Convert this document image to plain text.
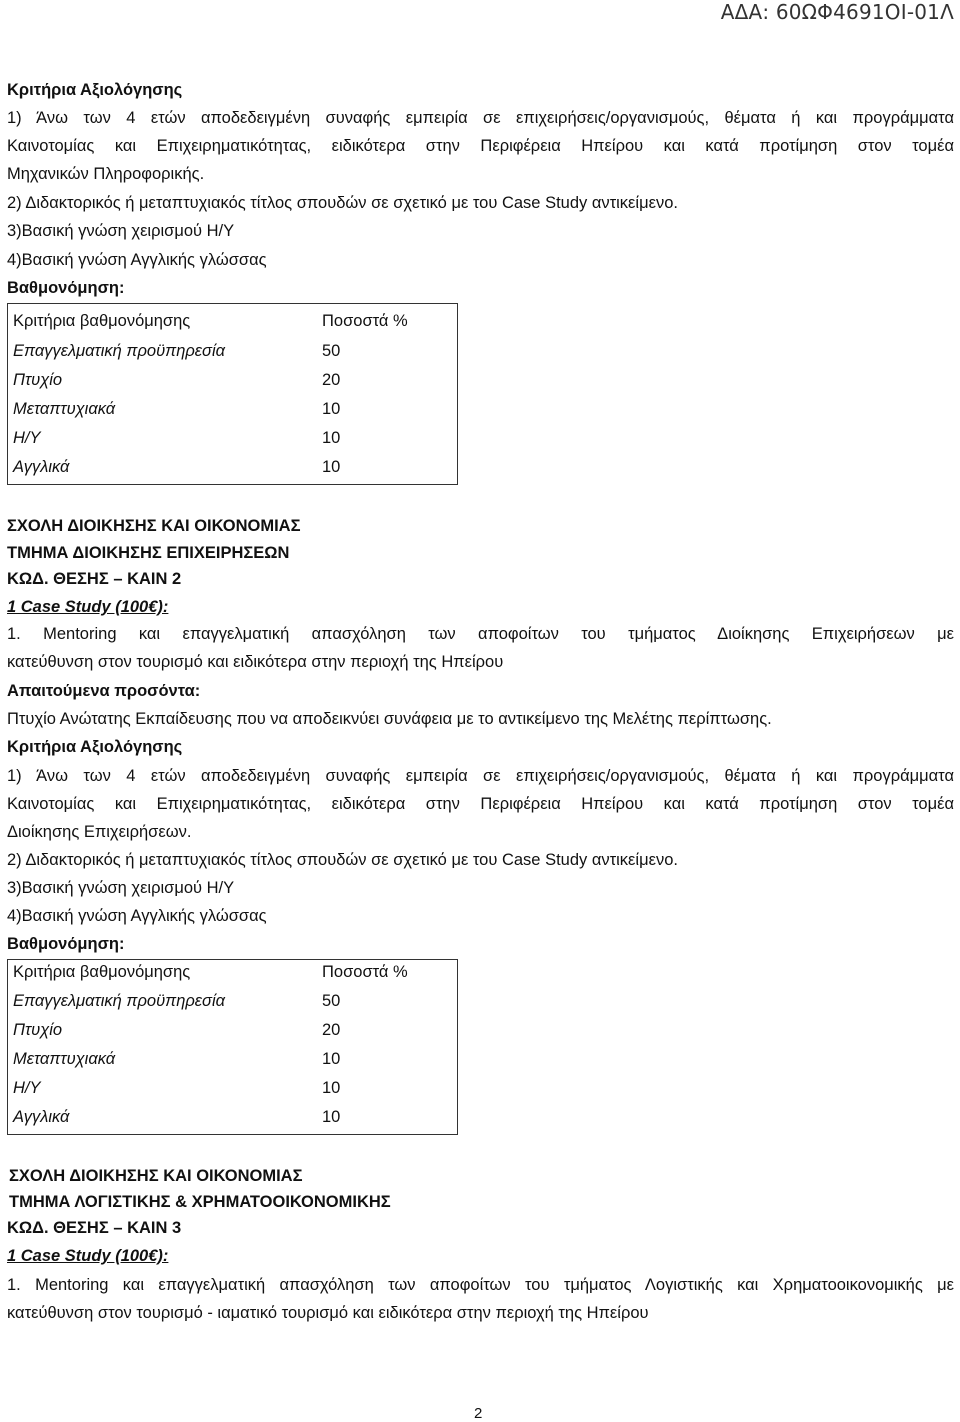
ΑΔΑ: 60ΩΦ4691ΟΙ-01Λ
Κριτήρια Αξιολόγησης
1) Άνω των 4 ετών αποδεδειγμένη συναφής εμπειρία σε επιχειρήσεις/οργανισμούς, θέματα ή και προγράμματα
Καινοτομίας και Επιχειρηματικότητας, ειδικότερα στην Περιφέρεια Ηπείρου και κατά προτίμηση στον τομέα
Μηχανικών Πληροφορικής.
2) Διδακτορικός ή μεταπτυχιακός τίτλος σπουδών σε σχετικό με του Case Study αντικείμενο.
3)Βασική γνώση χειρισμού Η/Υ
4)Βασική γνώση Αγγλικής γλώσσας
Βαθμονόμηση:
Κριτήρια βαθμονόμησης	Ποσοστά %
Επαγγελματική προϋπηρεσία	50
Πτυχίο	20
Μεταπτυχιακά	10
Η/Υ	10
Αγγλικά	10
ΣΧΟΛΗ ΔΙΟΙΚΗΣΗΣ ΚΑΙ ΟΙΚΟΝΟΜΙΑΣ
ΤΜΗΜΑ ΔΙΟΙΚΗΣΗΣ ΕΠΙΧΕΙΡΗΣΕΩΝ
ΚΩΔ. ΘΕΣΗΣ – ΚΑΙΝ 2
1 Case Study (100€):
1. Mentoring και επαγγελματική απασχόληση των αποφοίτων του τμήματος Διοίκησης Επιχειρήσεων με
κατεύθυνση στον τουρισμό και ειδικότερα στην περιοχή της Ηπείρου
Απαιτούμενα προσόντα:
Πτυχίο Ανώτατης Εκπαίδευσης που να αποδεικνύει συνάφεια με το αντικείμενο της Μελέτης περίπτωσης.
Κριτήρια Αξιολόγησης
1) Άνω των 4 ετών αποδεδειγμένη συναφής εμπειρία σε επιχειρήσεις/οργανισμούς, θέματα ή και προγράμματα
Καινοτομίας και Επιχειρηματικότητας, ειδικότερα στην Περιφέρεια Ηπείρου και κατά προτίμηση στον τομέα
Διοίκησης Επιχειρήσεων.
2) Διδακτορικός ή μεταπτυχιακός τίτλος σπουδών σε σχετικό με του Case Study αντικείμενο.
3)Βασική γνώση χειρισμού Η/Υ
4)Βασική γνώση Αγγλικής γλώσσας
Βαθμονόμηση:
Κριτήρια βαθμονόμησης	Ποσοστά %
Επαγγελματική προϋπηρεσία	50
Πτυχίο	20
Μεταπτυχιακά	10
Η/Υ	10
Αγγλικά	10
ΣΧΟΛΗ ΔΙΟΙΚΗΣΗΣ ΚΑΙ ΟΙΚΟΝΟΜΙΑΣ
ΤΜΗΜΑ ΛΟΓΙΣΤΙΚΗΣ & ΧΡΗΜΑΤΟΟΙΚΟΝΟΜΙΚΗΣ
ΚΩΔ. ΘΕΣΗΣ – ΚΑΙΝ 3
1 Case Study (100€):
1. Mentoring και επαγγελματική απασχόληση των αποφοίτων του τμήματος Λογιστικής και Χρηματοοικονομικής με
κατεύθυνση στον τουρισμό - ιαματικό τουρισμό και ειδικότερα στην περιοχή της Ηπείρου
2
